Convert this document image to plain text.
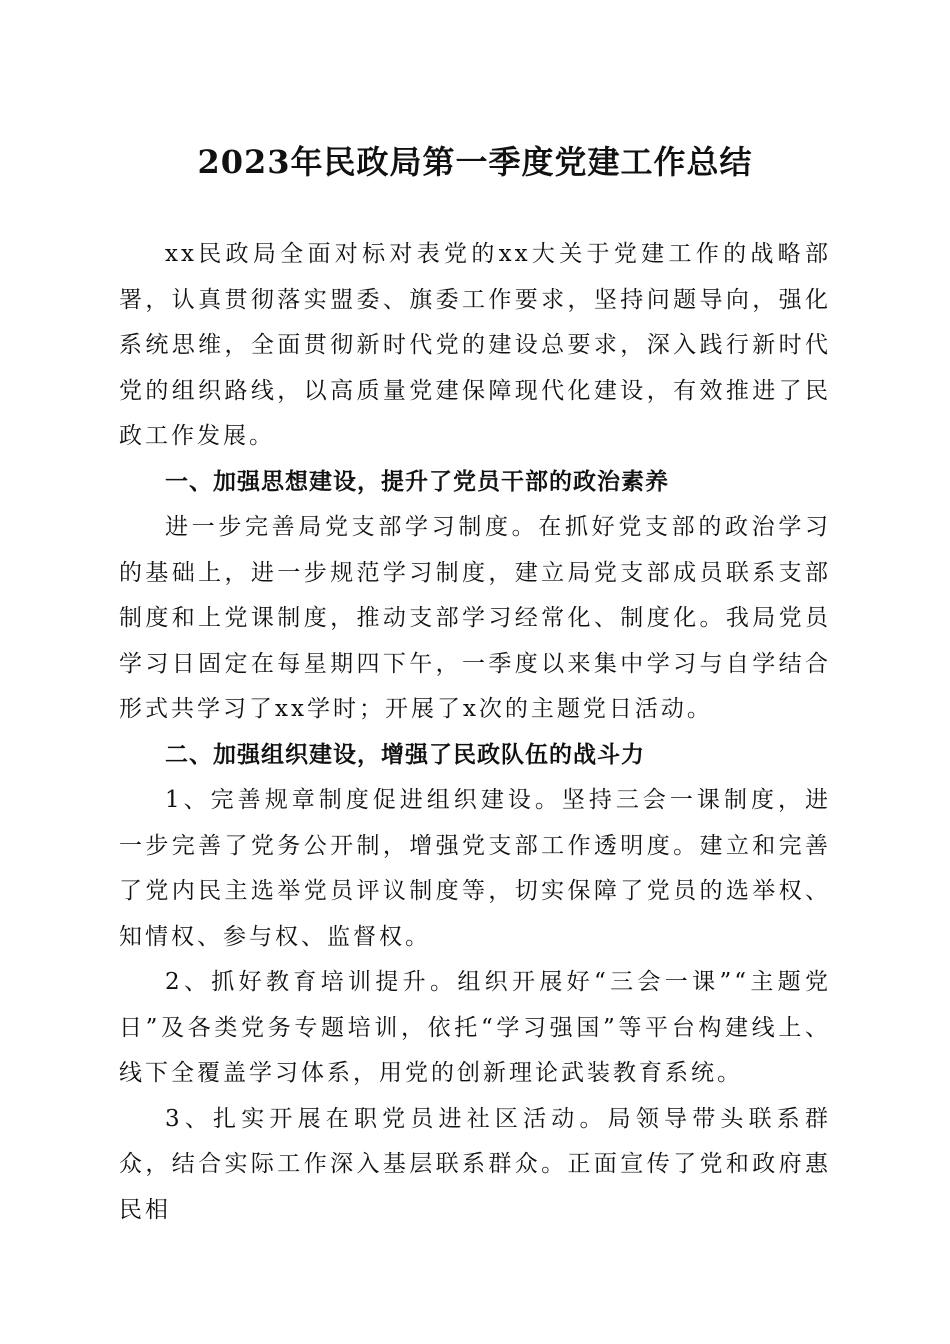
2023年民政局第一季度党建工作总结

xx民政局全面对标对表党的xx大关于党建工作的战略部署，认真贯彻落实盟委、旗委工作要求，坚持问题导向，强化系统思维，全面贯彻新时代党的建设总要求，深入践行新时代党的组织路线，以高质量党建保障现代化建设，有效推进了民政工作发展。

一、加强思想建设，提升了党员干部的政治素养

进一步完善局党支部学习制度。在抓好党支部的政治学习的基础上，进一步规范学习制度，建立局党支部成员联系支部制度和上党课制度，推动支部学习经常化、制度化。我局党员学习日固定在每星期四下午，一季度以来集中学习与自学结合形式共学习了xx学时；开展了x次的主题党日活动。

二、加强组织建设，增强了民政队伍的战斗力

1、完善规章制度促进组织建设。坚持三会一课制度，进一步完善了党务公开制，增强党支部工作透明度。建立和完善了党内民主选举党员评议制度等，切实保障了党员的选举权、知情权、参与权、监督权。

2、抓好教育培训提升。组织开展好“三会一课”“主题党日”及各类党务专题培训，依托“学习强国”等平台构建线上、线下全覆盖学习体系，用党的创新理论武装教育系统。

3、扎实开展在职党员进社区活动。局领导带头联系群众，结合实际工作深入基层联系群众。正面宣传了党和政府惠民相
